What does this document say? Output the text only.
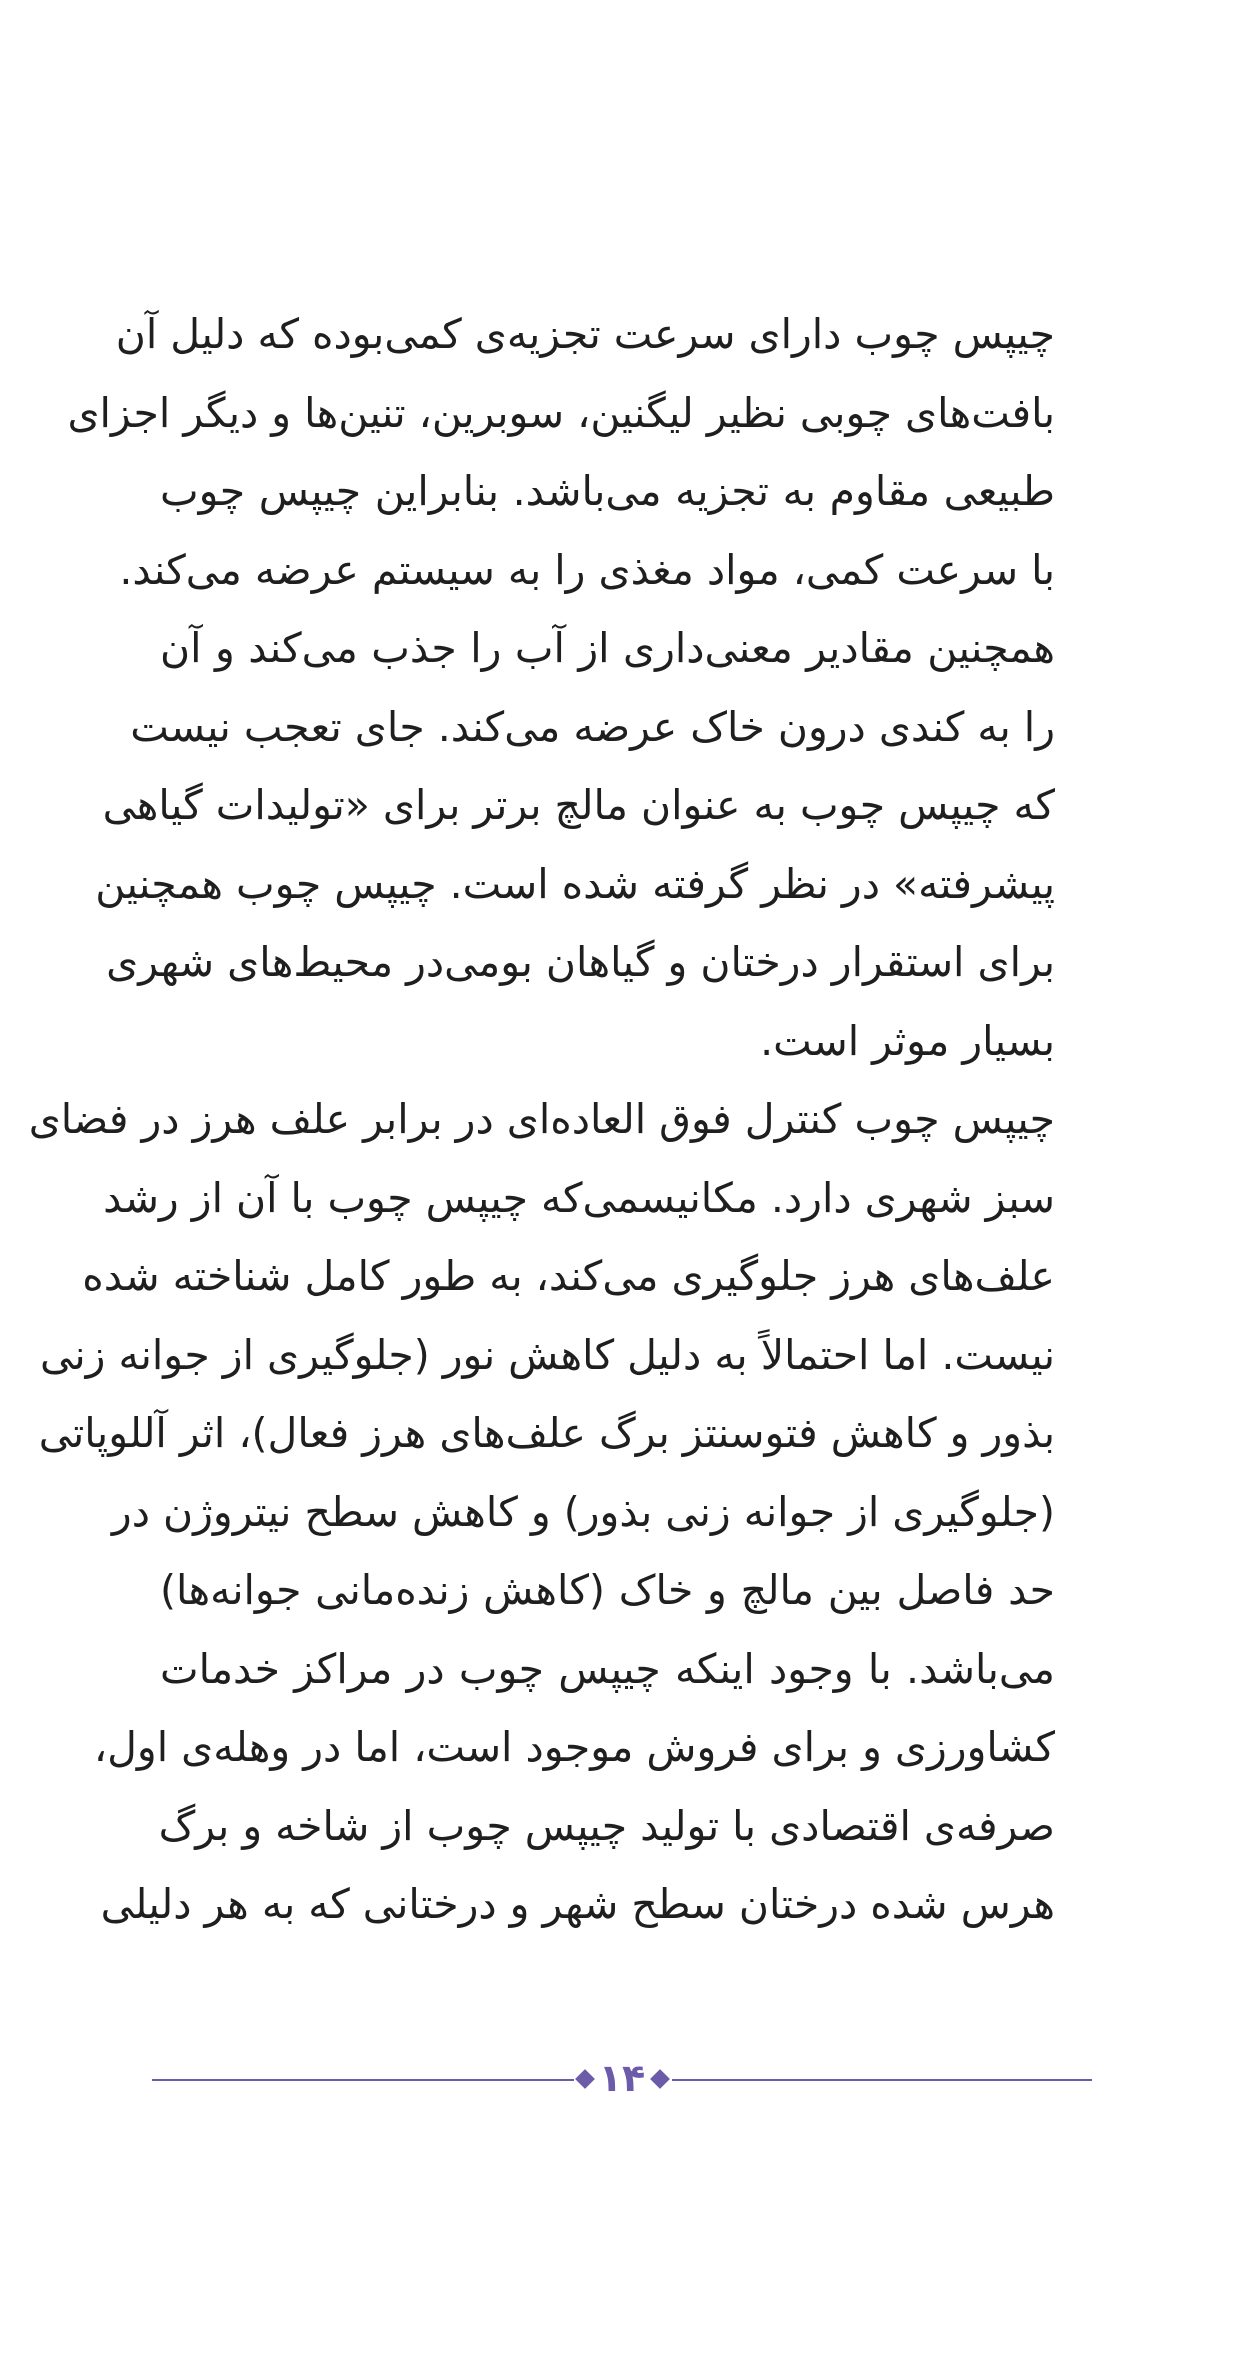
چیپس چوب دارای سرعت تجزیه‌ی کمی‌بوده که دلیل آن
بافت‌های چوبی نظیر لیگنین، سوبرین، تنین‌ها و دیگر اجزای
طبیعی مقاوم به تجزیه می‌باشد. بنابراین چیپس چوب
با سرعت کمی، مواد مغذی را به سیستم عرضه می‌کند.
همچنین مقادیر معنی‌داری از آب را جذب می‌کند و آن
را به کندی درون خاک عرضه می‌کند. جای تعجب نیست
که چیپس چوب به عنوان مالچ برتر برای «تولیدات گیاهی
پیشرفته» در نظر گرفته شده است. چیپس چوب همچنین
برای استقرار درختان و گیاهان بومی‌در محیط‌های شهری
بسیار موثر است.
چیپس چوب کنترل فوق العاده‌ای در برابر علف هرز در فضای
سبز شهری دارد. مکانیسمی‌که چیپس چوب با آن از رشد
علف‌های هرز جلوگیری می‌کند، به طور کامل شناخته شده
نیست. اما احتمالاً به دلیل کاهش نور (جلوگیری از جوانه زنی
بذور و کاهش فتوسنتز برگ علف‌های هرز فعال)، اثر آللوپاتی
(جلوگیری از جوانه زنی بذور) و کاهش سطح نیتروژن در
حد فاصل بین مالچ و خاک (کاهش زنده‌مانی جوانه‌ها)
می‌باشد. با وجود اینکه چیپس چوب در مراکز خدمات
کشاورزی و برای فروش موجود است، اما در وهله‌ی اول،
صرفه‌ی اقتصادی با تولید چیپس چوب از شاخه و برگ
هرس شده درختان سطح شهر و درختانی که به هر دلیلی
۱۴
